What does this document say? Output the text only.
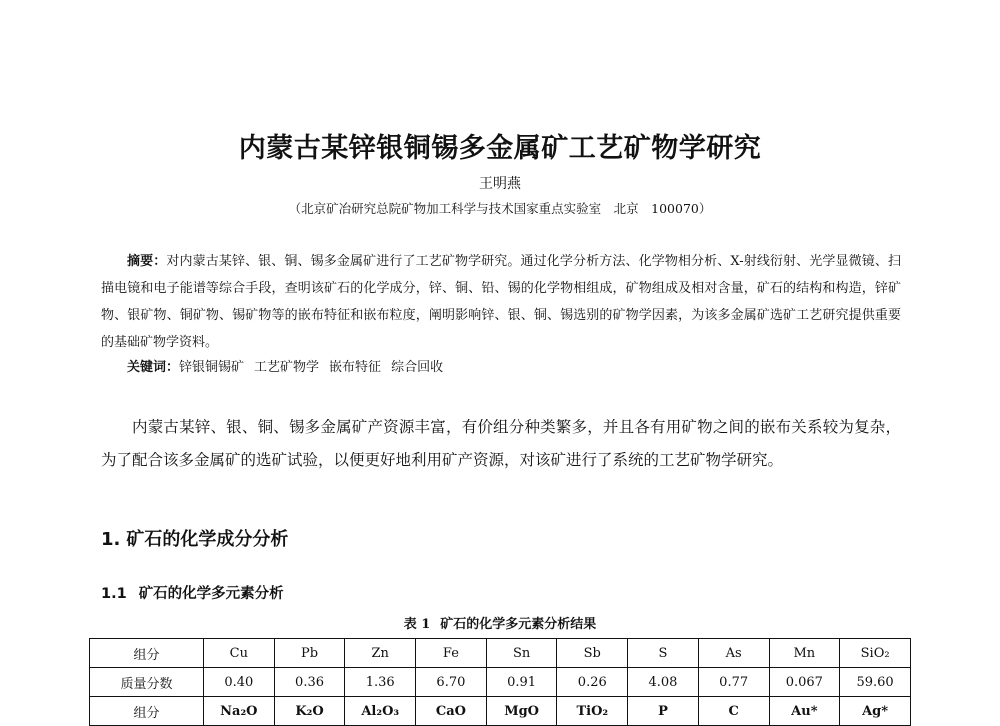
内蒙古某锌银铜锡多金属矿工艺矿物学研究
王明燕
（北京矿冶研究总院矿物加工科学与技术国家重点实验室　北京　100070）
摘要：对内蒙古某锌、银、铜、锡多金属矿进行了工艺矿物学研究。通过化学分析方法、化学物相分析、X-射线衍射、光学显微镜、扫描电镜和电子能谱等综合手段，查明该矿石的化学成分，锌、铜、铅、锡的化学物相组成，矿物组成及相对含量，矿石的结构和构造，锌矿物、银矿物、铜矿物、锡矿物等的嵌布特征和嵌布粒度，阐明影响锌、银、铜、锡选别的矿物学因素，为该多金属矿选矿工艺研究提供重要的基础矿物学资料。
关键词：锌银铜锡矿 工艺矿物学 嵌布特征 综合回收
内蒙古某锌、银、铜、锡多金属矿产资源丰富，有价组分种类繁多，并且各有用矿物之间的嵌布关系较为复杂，为了配合该多金属矿的选矿试验，以便更好地利用矿产资源，对该矿进行了系统的工艺矿物学研究。
1. 矿石的化学成分分析
1.1 矿石的化学多元素分析
表 1 矿石的化学多元素分析结果
组分	Cu	Pb	Zn	Fe	Sn	Sb	S	As	Mn	SiO₂
质量分数	0.40	0.36	1.36	6.70	0.91	0.26	4.08	0.77	0.067	59.60
组分	Na₂O	K₂O	Al₂O₃	CaO	MgO	TiO₂	P	C	Au*	Ag*
